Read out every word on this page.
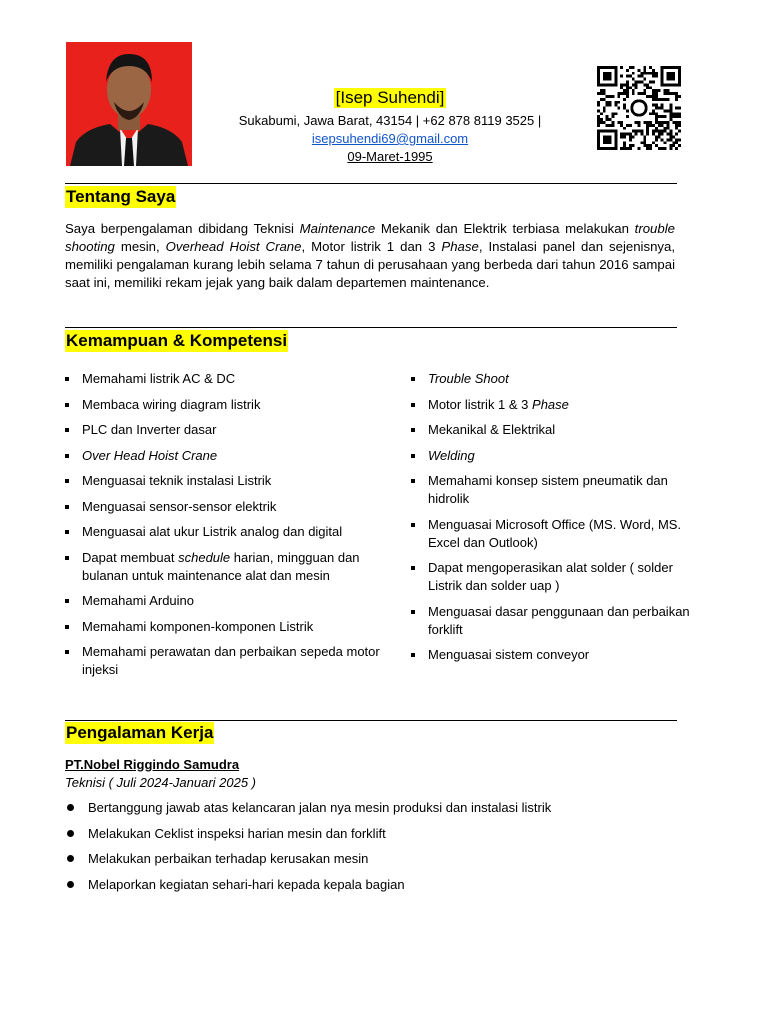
[Isep Suhendi]
Sukabumi, Jawa Barat, 43154 | +62 878 8119 3525 |
isepsuhendi69@gmail.com
09-Maret-1995
Tentang Saya
Saya berpengalaman dibidang Teknisi Maintenance Mekanik dan Elektrik terbiasa melakukan trouble shooting mesin, Overhead Hoist Crane, Motor listrik 1 dan 3 Phase, Instalasi panel dan sejenisnya, memiliki pengalaman kurang lebih selama 7 tahun di perusahaan yang berbeda dari tahun 2016 sampai saat ini, memiliki rekam jejak yang baik dalam departemen maintenance.
Kemampuan & Kompetensi
Memahami listrik AC & DC
Membaca wiring diagram listrik
PLC dan Inverter dasar
Over Head Hoist Crane
Menguasai teknik instalasi Listrik
Menguasai sensor-sensor elektrik
Menguasai alat ukur Listrik analog dan digital
Dapat membuat schedule harian, mingguan dan bulanan untuk maintenance alat dan mesin
Memahami Arduino
Memahami komponen-komponen Listrik
Memahami perawatan dan perbaikan sepeda motor injeksi
Trouble Shoot
Motor listrik 1 & 3 Phase
Mekanikal & Elektrikal
Welding
Memahami konsep sistem pneumatik dan hidrolik
Menguasai Microsoft Office (MS. Word, MS. Excel dan Outlook)
Dapat mengoperasikan alat solder ( solder Listrik dan solder uap )
Menguasai dasar penggunaan dan perbaikan forklift
Menguasai sistem conveyor
Pengalaman Kerja
PT.Nobel Riggindo Samudra
Teknisi ( Juli 2024-Januari 2025 )
Bertanggung jawab atas kelancaran jalan nya mesin produksi dan instalasi listrik
Melakukan Ceklist inspeksi harian mesin dan forklift
Melakukan perbaikan terhadap kerusakan mesin
Melaporkan kegiatan sehari-hari kepada kepala bagian
